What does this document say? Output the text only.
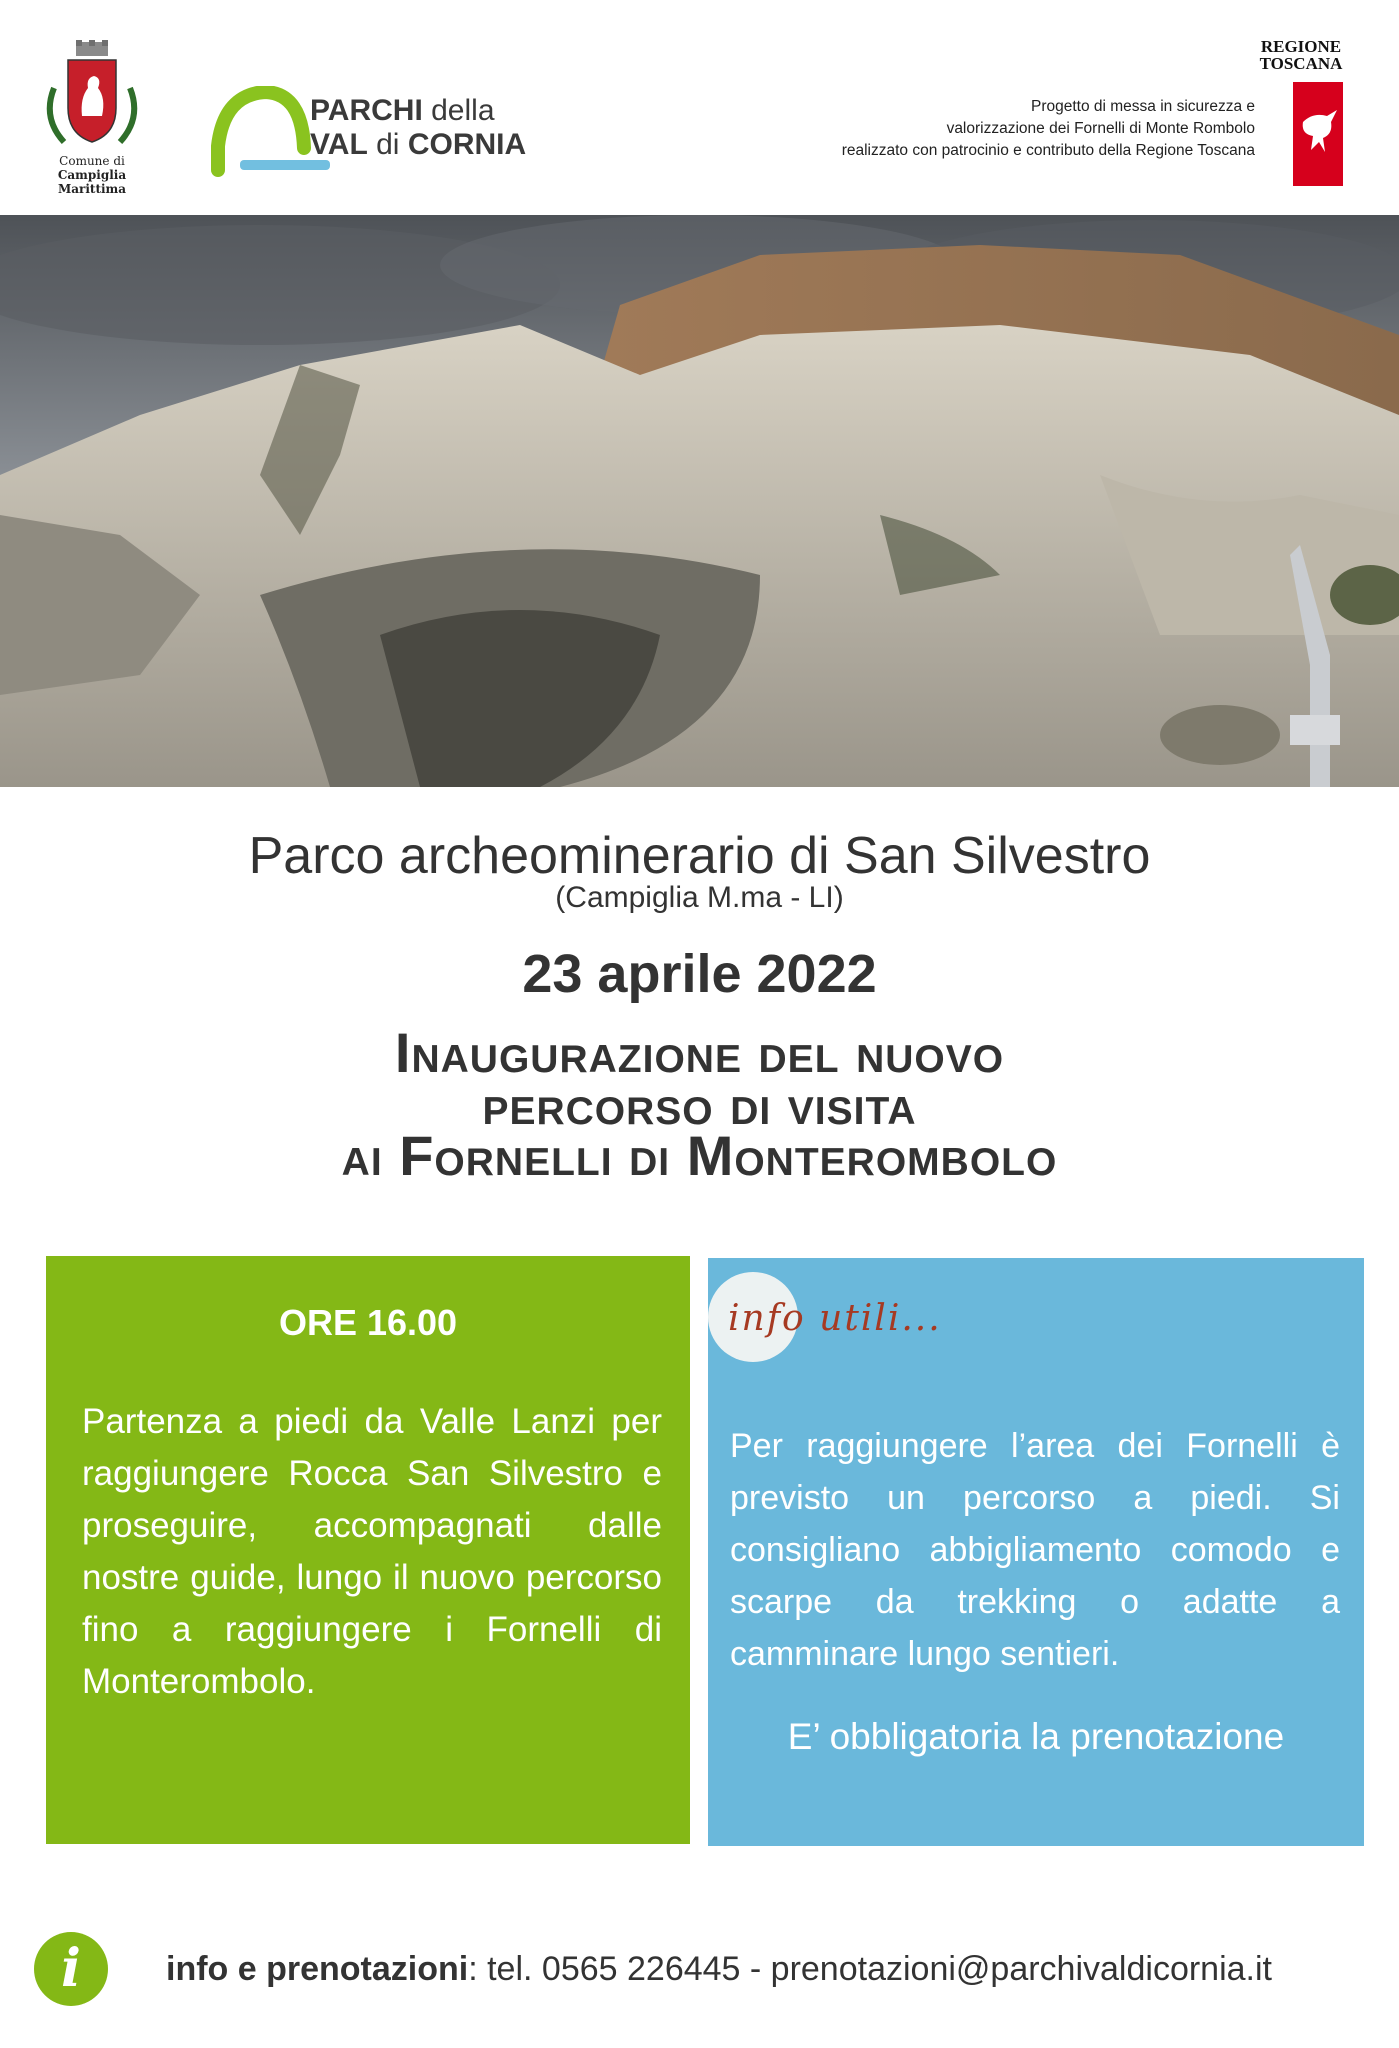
Comune di
Campiglia Marittima
PARCHI della
VAL di CORNIA
REGIONE
TOSCANA
Progetto di messa in sicurezza e
valorizzazione dei Fornelli di Monte Rombolo
realizzato con patrocinio e contributo della Regione Toscana
Parco archeominerario di San Silvestro
(Campiglia M.ma - LI)
23 aprile 2022
Inaugurazione del nuovo
percorso di visita
ai Fornelli di Monterombolo
ORE 16.00
Partenza a piedi da Valle Lanzi per raggiungere Rocca San Silvestro e proseguire, accompagnati dalle nostre guide, lungo il nuovo percorso fino a raggiungere i Fornelli di Monterombolo.
info utili...
Per raggiungere l’area dei Fornelli è previsto un percorso a piedi. Si consigliano abbigliamento comodo e scarpe da trekking o adatte a camminare lungo sentieri.
E’ obbligatoria la prenotazione
i	info e prenotazioni: tel. 0565 226445 - prenotazioni@parchivaldicornia.it
